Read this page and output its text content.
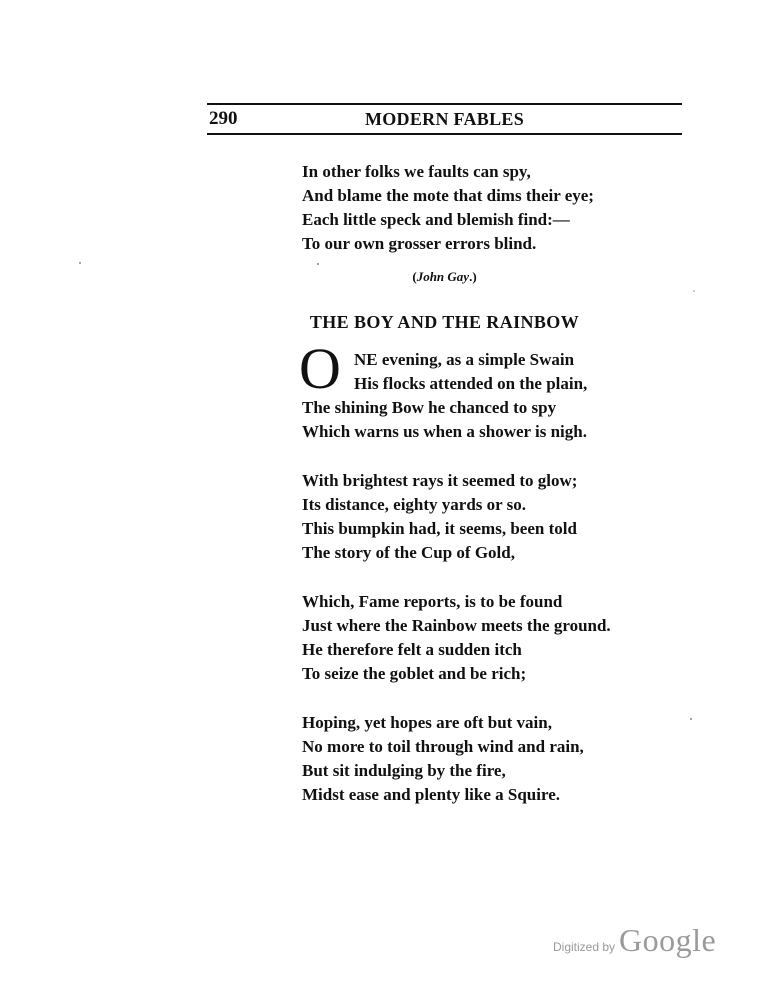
290	MODERN FABLES
In other folks we faults can spy,
And blame the mote that dims their eye;
Each little speck and blemish find:—
To our own grosser errors blind.
(John Gay.)
THE BOY AND THE RAINBOW
O NE evening, as a simple Swain
His flocks attended on the plain,
The shining Bow he chanced to spy
Which warns us when a shower is nigh.
With brightest rays it seemed to glow;
Its distance, eighty yards or so.
This bumpkin had, it seems, been told
The story of the Cup of Gold,
Which, Fame reports, is to be found
Just where the Rainbow meets the ground.
He therefore felt a sudden itch
To seize the goblet and be rich;
Hoping, yet hopes are oft but vain,
No more to toil through wind and rain,
But sit indulging by the fire,
Midst ease and plenty like a Squire.
Digitized by Google
